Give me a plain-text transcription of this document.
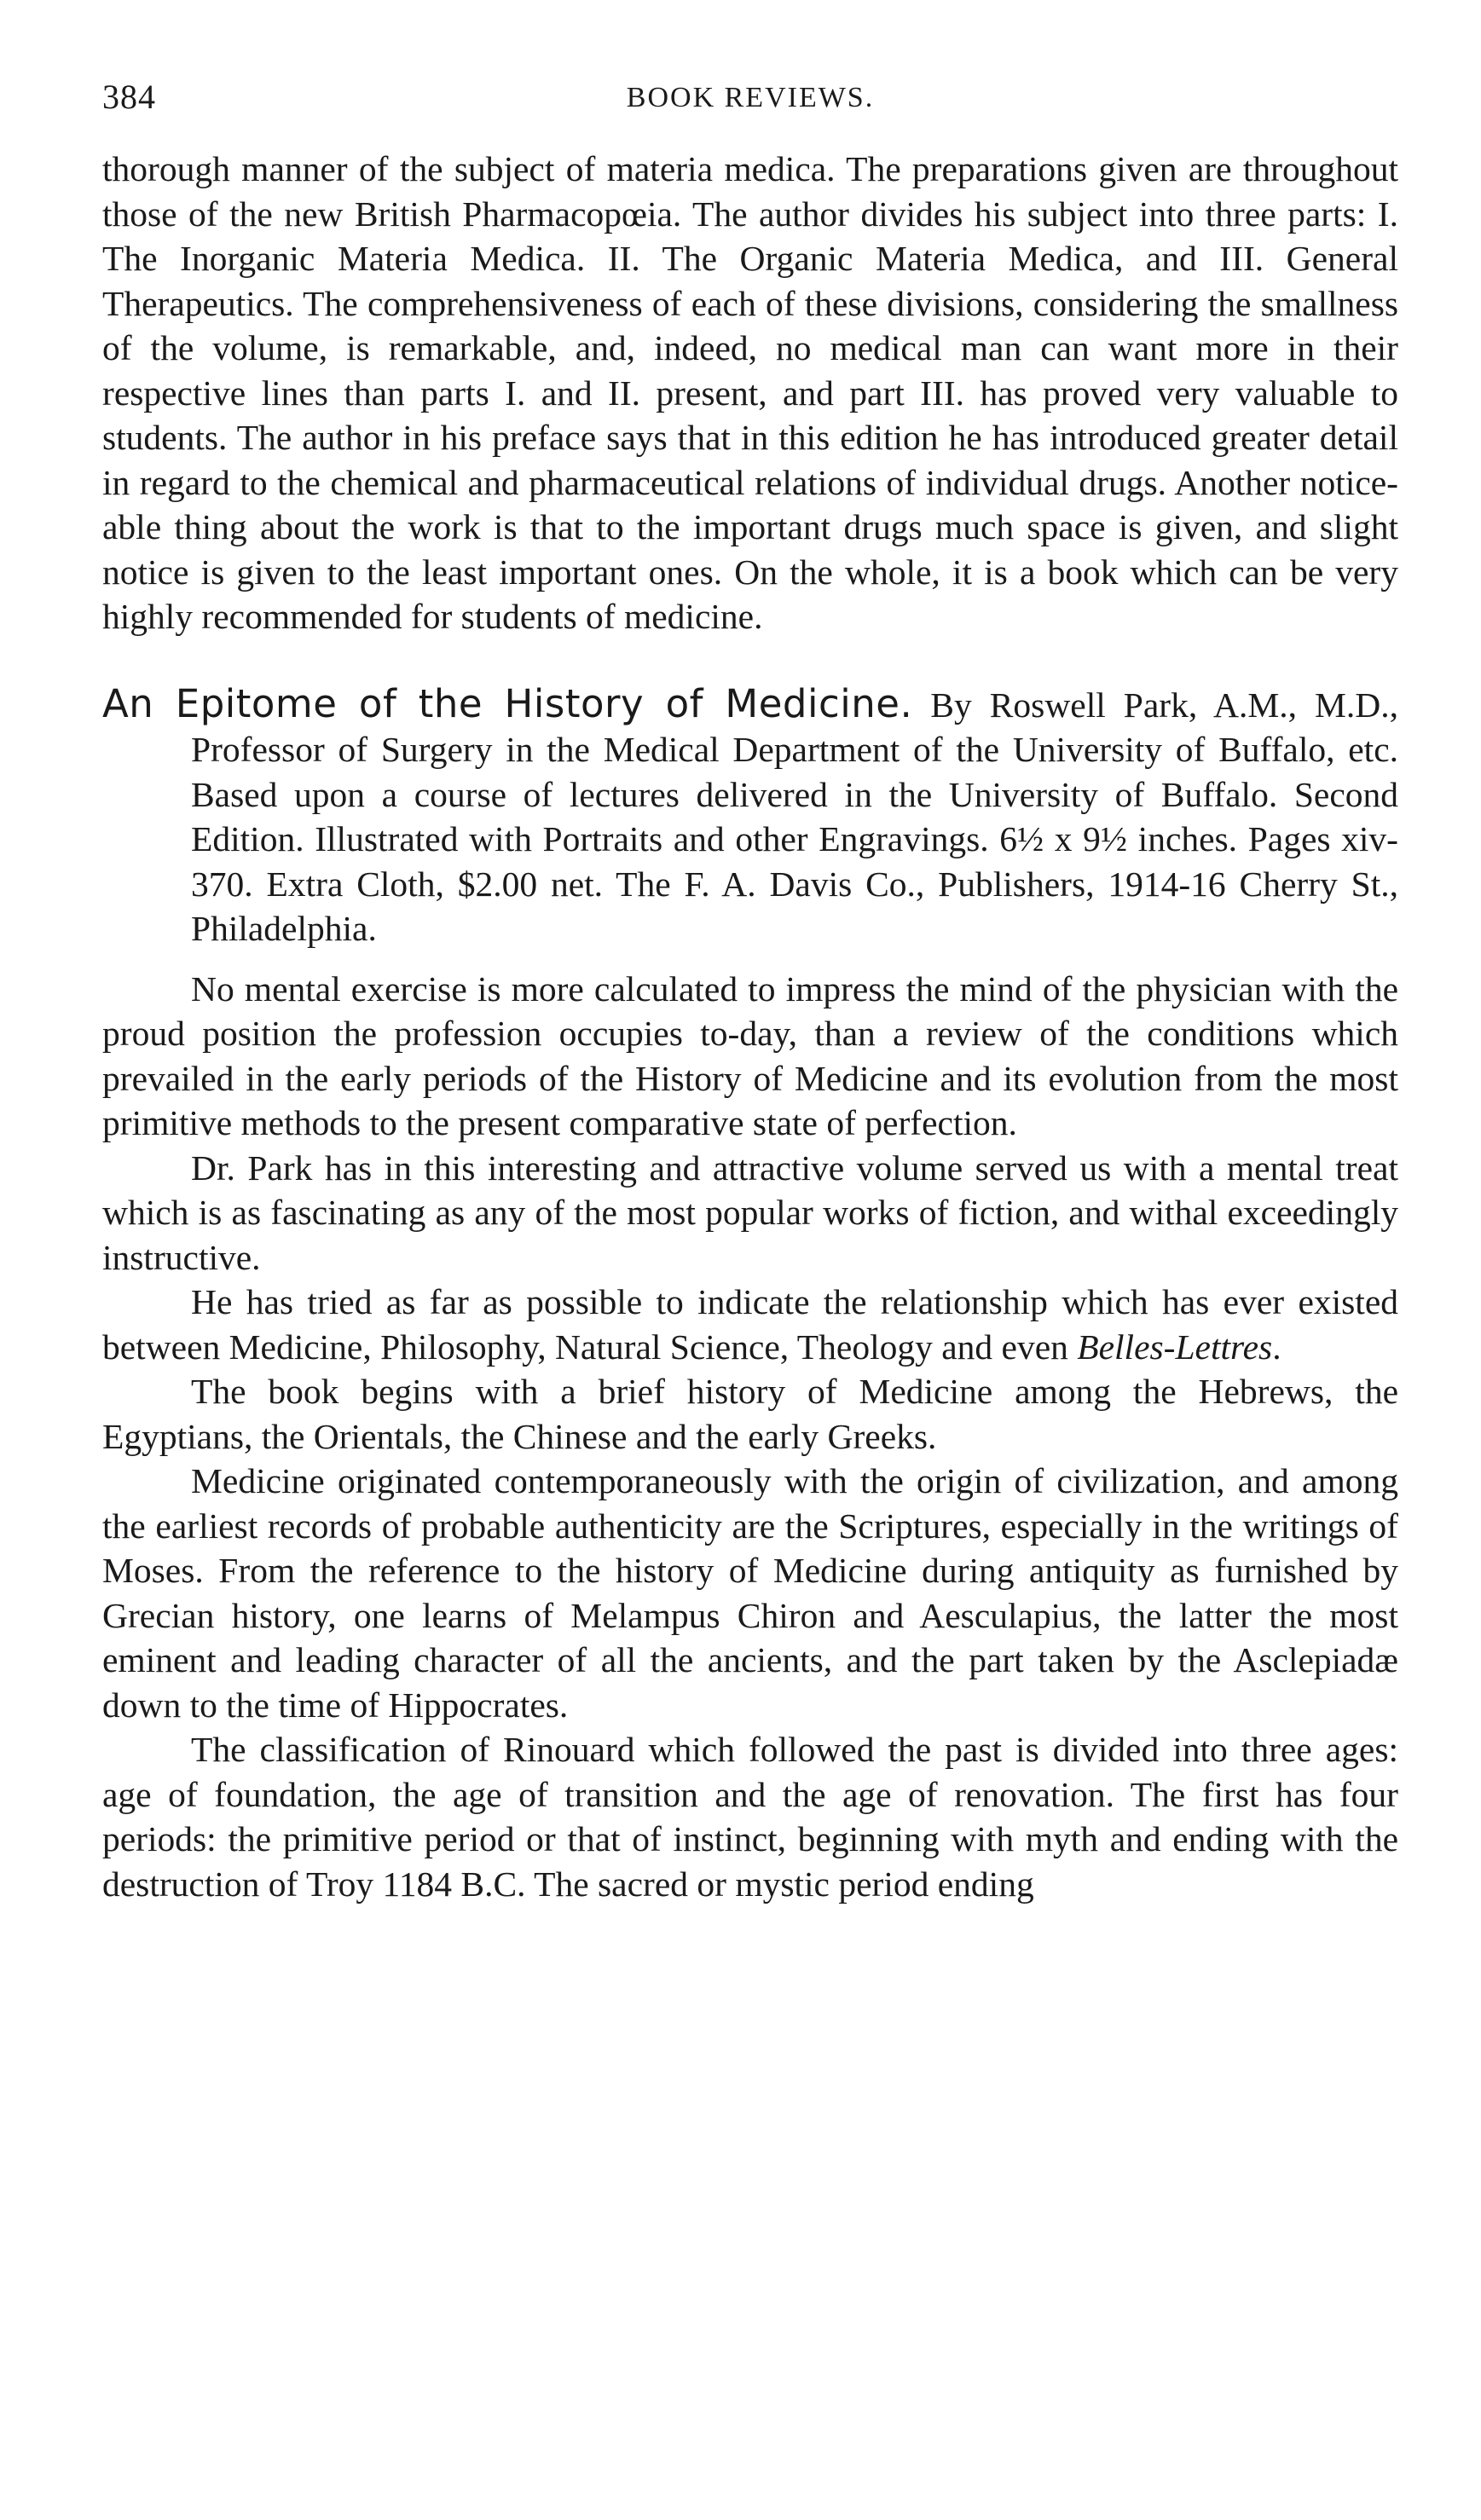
384	BOOK REVIEWS.

thorough manner of the subject of materia medica. The preparations given are throughout those of the new British Pharmacopœia. The author divides his subject into three parts: I. The Inorganic Materia Medica. II. The Organic Materia Medica, and III. General Therapeutics. The comprehensiveness of each of these divisions, considering the smallness of the volume, is remarkable, and, indeed, no medical man can want more in their respective lines than parts I. and II. present, and part III. has proved very valuable to students. The author in his preface says that in this edition he has introduced greater detail in regard to the chemical and pharmaceutical relations of individual drugs. Another noticeable thing about the work is that to the important drugs much space is given, and slight notice is given to the least important ones. On the whole, it is a book which can be very highly recommended for students of medicine.

An Epitome of the History of Medicine. By Roswell Park, A.M., M.D., Professor of Surgery in the Medical Department of the University of Buffalo, etc. Based upon a course of lectures delivered in the University of Buffalo. Second Edition. Illustrated with Portraits and other Engravings. 6½ x 9½ inches. Pages xiv-370. Extra Cloth, $2.00 net. The F. A. Davis Co., Publishers, 1914-16 Cherry St., Philadelphia.

No mental exercise is more calculated to impress the mind of the physician with the proud position the profession occupies to-day, than a review of the conditions which prevailed in the early periods of the History of Medicine and its evolution from the most primitive methods to the present comparative state of perfection.

Dr. Park has in this interesting and attractive volume served us with a mental treat which is as fascinating as any of the most popular works of fiction, and withal exceedingly instructive.

He has tried as far as possible to indicate the relationship which has ever existed between Medicine, Philosophy, Natural Science, Theology and even Belles-Lettres.

The book begins with a brief history of Medicine among the Hebrews, the Egyptians, the Orientals, the Chinese and the early Greeks.

Medicine originated contemporaneously with the origin of civilization, and among the earliest records of probable authenticity are the Scriptures, especially in the writings of Moses. From the reference to the history of Medicine during antiquity as furnished by Grecian history, one learns of Melampus Chiron and Aesculapius, the latter the most eminent and leading character of all the ancients, and the part taken by the Asclepiadæ down to the time of Hippocrates.

The classification of Rinouard which followed the past is divided into three ages: age of foundation, the age of transition and the age of renovation. The first has four periods: the primitive period or that of instinct, beginning with myth and ending with the destruction of Troy 1184 B.C. The sacred or mystic period ending
